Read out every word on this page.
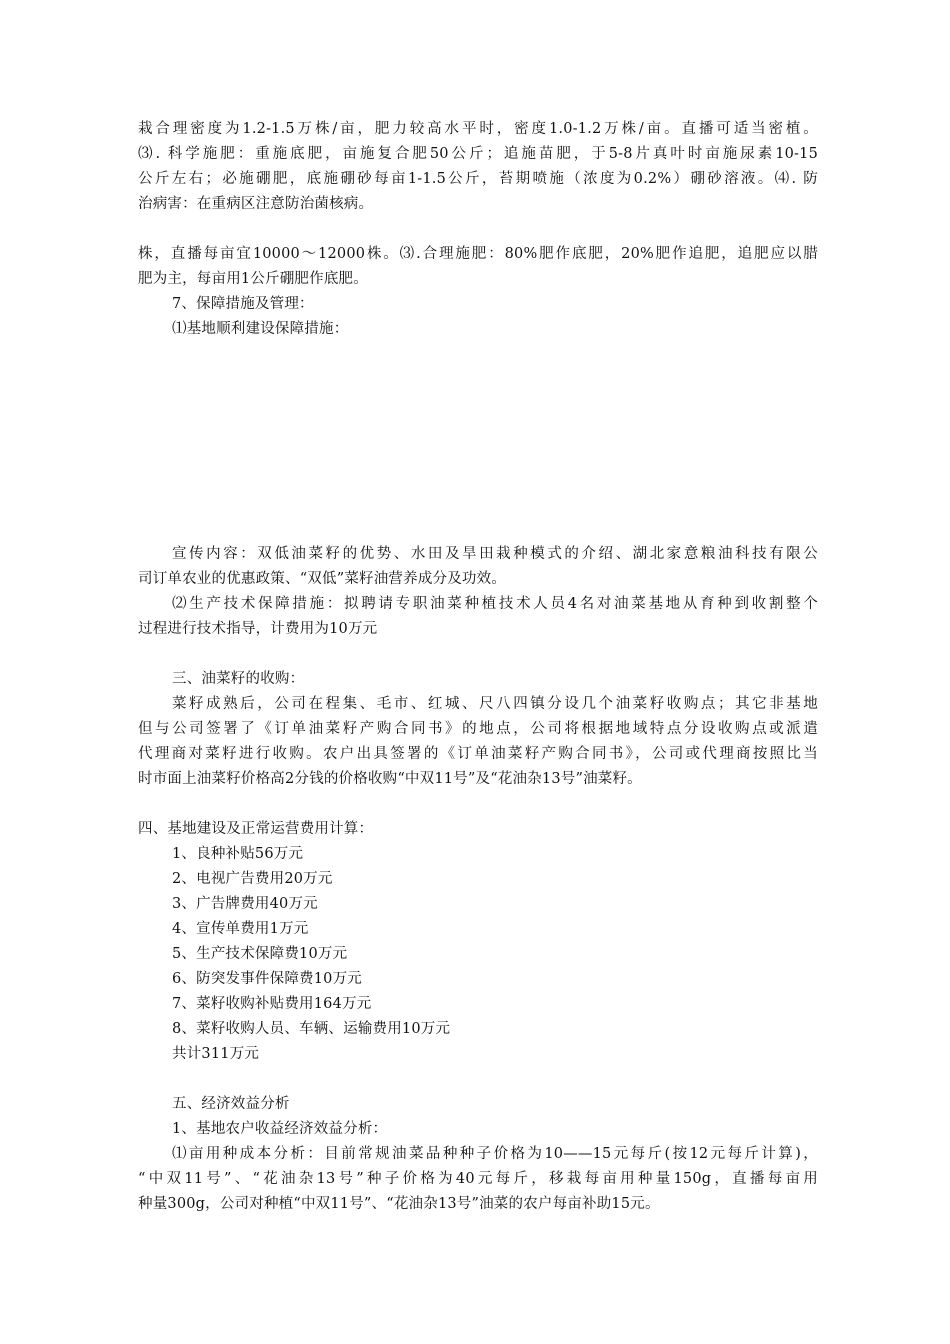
栽合理密度为1.2-1.5万株/亩，肥力较高水平时，密度1.0-1.2万株/亩。直播可适当密植。
⑶. 科学施肥：重施底肥，亩施复合肥50公斤；追施苗肥，于5-8片真叶时亩施尿素10-15
公斤左右；必施硼肥，底施硼砂每亩1-1.5公斤，苔期喷施（浓度为0.2%）硼砂溶液。⑷. 防
治病害：在重病区注意防治菌核病。
株，直播每亩宜10000～12000株。⑶.合理施肥：80%肥作底肥，20%肥作追肥，追肥应以腊
肥为主，每亩用1公斤硼肥作底肥。
7、保障措施及管理：
⑴基地顺利建设保障措施：
宣传内容：双低油菜籽的优势、水田及旱田栽种模式的介绍、湖北家意粮油科技有限公
司订单农业的优惠政策、“双低”菜籽油营养成分及功效。
⑵生产技术保障措施：拟聘请专职油菜种植技术人员4名对油菜基地从育种到收割整个
过程进行技术指导，计费用为10万元
三、油菜籽的收购：
菜籽成熟后，公司在程集、毛市、红城、尺八四镇分设几个油菜籽收购点；其它非基地
但与公司签署了《订单油菜籽产购合同书》的地点，公司将根据地域特点分设收购点或派遣
代理商对菜籽进行收购。农户出具签署的《订单油菜籽产购合同书》，公司或代理商按照比当
时市面上油菜籽价格高2分钱的价格收购“中双11号”及“花油杂13号”油菜籽。
四、基地建设及正常运营费用计算：
1、良种补贴56万元
2、电视广告费用20万元
3、广告牌费用40万元
4、宣传单费用1万元
5、生产技术保障费10万元
6、防突发事件保障费10万元
7、菜籽收购补贴费用164万元
8、菜籽收购人员、车辆、运输费用10万元
共计311万元
五、经济效益分析
1、基地农户收益经济效益分析：
⑴亩用种成本分析：目前常规油菜品种种子价格为10——15元每斤(按12元每斤计算)，
“中双11号”、“花油杂13号”种子价格为40元每斤，移栽每亩用种量150g，直播每亩用
种量300g，公司对种植“中双11号”、“花油杂13号”油菜的农户每亩补助15元。
